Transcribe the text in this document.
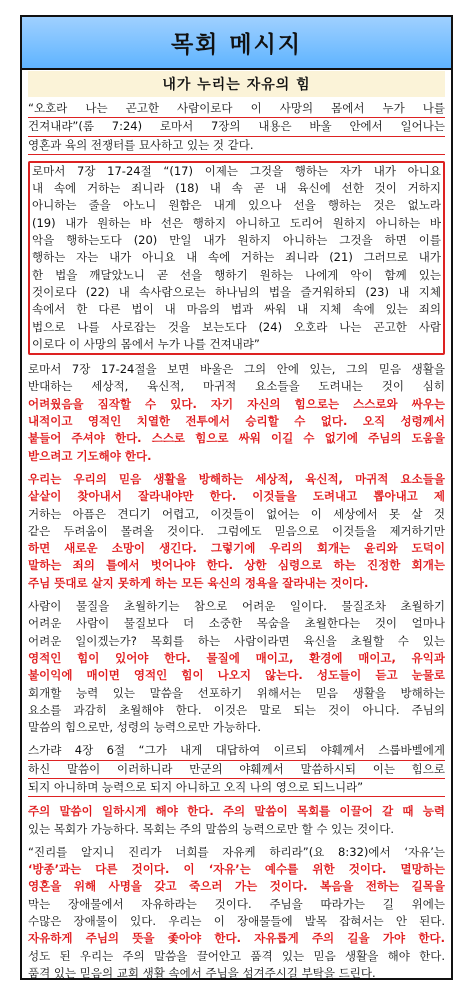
목회 메시지
내가 누리는 자유의 힘
“오호라 나는 곤고한 사람이로다 이 사망의 몸에서 누가 나를
건져내랴”(롬 7:24) 로마서 7장의 내용은 바울 안에서 일어나는
영혼과 육의 전쟁터를 묘사하고 있는 것 같다.
로마서 7장 17-24절 “(17) 이제는 그것을 행하는 자가 내가 아니요
내 속에 거하는 죄니라 (18) 내 속 곧 내 육신에 선한 것이 거하지
아니하는 줄을 아노니 원함은 내게 있으나 선을 행하는 것은 없노라
(19) 내가 원하는 바 선은 행하지 아니하고 도리어 원하지 아니하는 바
악을 행하는도다 (20) 만일 내가 원하지 아니하는 그것을 하면 이를
행하는 자는 내가 아니요 내 속에 거하는 죄니라 (21) 그러므로 내가
한 법을 깨달았노니 곧 선을 행하기 원하는 나에게 악이 함께 있는
것이로다 (22) 내 속사람으로는 하나님의 법을 즐거워하되 (23) 내 지체
속에서 한 다른 법이 내 마음의 법과 싸워 내 지체 속에 있는 죄의
법으로 나를 사로잡는 것을 보는도다 (24) 오호라 나는 곤고한 사람
이로다 이 사망의 몸에서 누가 나를 건져내랴”
로마서 7장 17-24절을 보면 바울은 그의 안에 있는, 그의 믿음 생활을
반대하는 세상적, 육신적, 마귀적 요소들을 도려내는 것이 심히
어려웠음을 짐작할 수 있다. 자기 자신의 힘으로는 스스로와 싸우는
내적이고 영적인 치열한 전투에서 승리할 수 없다. 오직 성령께서
붙들어 주셔야 한다. 스스로 힘으로 싸워 이길 수 없기에 주님의 도움을
받으려고 기도해야 한다.
우리는 우리의 믿음 생활을 방해하는 세상적, 육신적, 마귀적 요소들을
샅샅이 찾아내서 잘라내야만 한다. 이것들을 도려내고 뽑아내고 제
거하는 아픔은 견디기 어렵고, 이것들이 없어는 이 세상에서 못 살 것
같은 두려움이 몰려올 것이다. 그럼에도 믿음으로 이것들을 제거하기만
하면 새로운 소망이 생긴다. 그렇기에 우리의 회개는 윤리와 도덕이
말하는 죄의 틀에서 벗어나야 한다. 상한 심령으로 하는 진정한 회개는
주님 뜻대로 살지 못하게 하는 모든 육신의 정욕을 잘라내는 것이다.
사람이 물질을 초월하기는 참으로 어려운 일이다. 물질조차 초월하기
어려운 사람이 물질보다 더 소중한 목숨을 초월한다는 것이 얼마나
어려운 일이겠는가? 목회를 하는 사람이라면 육신을 초월할 수 있는
영적인 힘이 있어야 한다. 물질에 매이고, 환경에 매이고, 유익과
불이익에 매이면 영적인 힘이 나오지 않는다. 성도들이 듣고 눈물로
회개할 능력 있는 말씀을 선포하기 위해서는 믿음 생활을 방해하는
요소를 과감히 초월해야 한다. 이것은 말로 되는 것이 아니다. 주님의
말씀의 힘으로만, 성령의 능력으로만 가능하다.
스가랴 4장 6절 “그가 내게 대답하여 이르되 야훼께서 스룹바벨에게
하신 말씀이 이러하니라 만군의 야훼께서 말씀하시되 이는 힘으로
되지 아니하며 능력으로 되지 아니하고 오직 나의 영으로 되느니라”
주의 말씀이 일하시게 해야 한다. 주의 말씀이 목회를 이끌어 갈 때 능력
있는 목회가 가능하다. 목회는 주의 말씀의 능력으로만 할 수 있는 것이다.
“진리를 알지니 진리가 너희를 자유케 하리라”(요 8:32)에서 ‘자유’는
‘방종’과는 다른 것이다. 이 ‘자유’는 예수를 위한 것이다. 멸망하는
영혼을 위해 사명을 갖고 죽으러 가는 것이다. 복음을 전하는 길목을
막는 장애물에서 자유하라는 것이다. 주님을 따라가는 길 위에는
수많은 장애물이 있다. 우리는 이 장애물들에 발목 잡혀서는 안 된다.
자유하게 주님의 뜻을 좇아야 한다. 자유롭게 주의 길을 가야 한다.
성도 된 우리는 주의 말씀을 끌어안고 품격 있는 믿음 생활을 해야 한다.
품격 있는 믿음의 교회 생활 속에서 주님을 섬겨주시길 부탁을 드린다.
